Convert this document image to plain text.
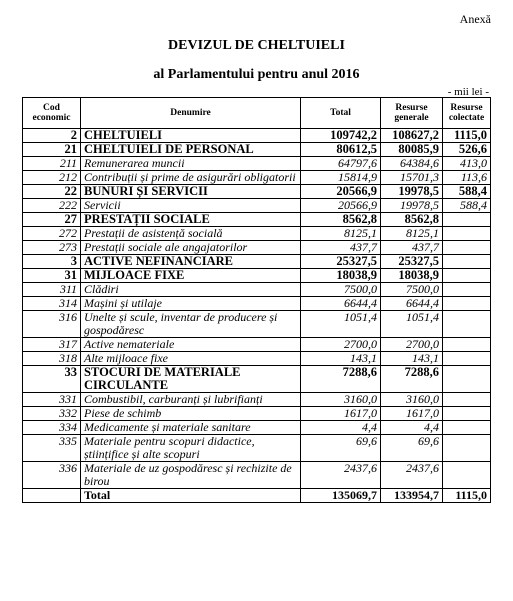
Anexă
DEVIZUL DE CHELTUIELI
al Parlamentului pentru anul 2016
- mii lei -
Cod economic	Denumire	Total	Resurse generale	Resurse colectate
2	CHELTUIELI	109742,2	108627,2	1115,0
21	CHELTUIELI DE PERSONAL	80612,5	80085,9	526,6
211	Remunerarea muncii	64797,6	64384,6	413,0
212	Contribuții și prime de asigurări obligatorii	15814,9	15701,3	113,6
22	BUNURI ȘI SERVICII	20566,9	19978,5	588,4
222	Servicii	20566,9	19978,5	588,4
27	PRESTAȚII SOCIALE	8562,8	8562,8	
272	Prestații de asistență socială	8125,1	8125,1	
273	Prestații sociale ale angajatorilor	437,7	437,7	
3	ACTIVE NEFINANCIARE	25327,5	25327,5	
31	MIJLOACE FIXE	18038,9	18038,9	
311	Clădiri	7500,0	7500,0	
314	Mașini și utilaje	6644,4	6644,4	
316	Unelte și scule, inventar de producere și gospodăresc	1051,4	1051,4	
317	Active nemateriale	2700,0	2700,0	
318	Alte mijloace fixe	143,1	143,1	
33	STOCURI DE MATERIALE CIRCULANTE	7288,6	7288,6	
331	Combustibil, carburanți și lubrifianți	3160,0	3160,0	
332	Piese de schimb	1617,0	1617,0	
334	Medicamente și materiale sanitare	4,4	4,4	
335	Materiale pentru scopuri didactice, științifice și alte scopuri	69,6	69,6	
336	Materiale de uz gospodăresc și rechizite de birou	2437,6	2437,6	
	Total	135069,7	133954,7	1115,0
